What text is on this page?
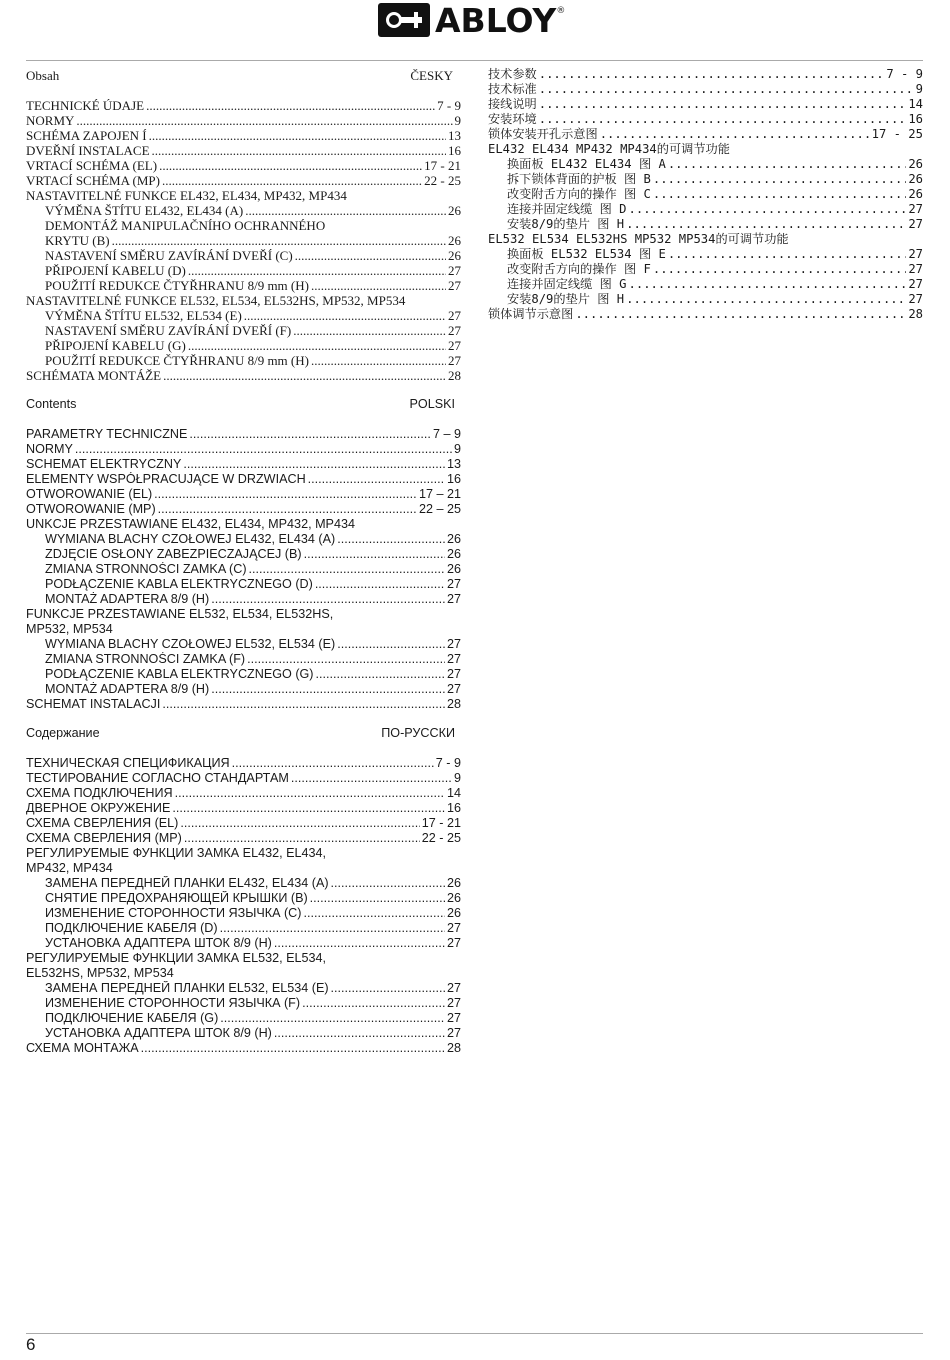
ABLOY ®
Obsah	ČESKY
TECHNICKÉ ÚDAJE .....	7 - 9
NORMY .....	9
SCHÉMA ZAPOJEN Í .....	13
DVEŘNÍ INSTALACE .....	16
VRTACÍ SCHÉMA (EL) .....	17 - 21
VRTACÍ SCHÉMA (MP) .....	22 - 25
NASTAVITELNÉ FUNKCE EL432, EL434, MP432, MP434
VÝMĚNA ŠTÍTU EL432, EL434 (A) .....	26
DEMONTÁŽ MANIPULAČNÍHO OCHRANNÉHO
KRYTU (B) .....	26
NASTAVENÍ SMĚRU ZAVÍRÁNÍ DVEŘÍ (C) .....	26
PŘIPOJENÍ KABELU (D) .....	27
POUŽITÍ REDUKCE ČTYŘHRANU 8/9 mm (H) .....	27
NASTAVITELNÉ FUNKCE EL532, EL534, EL532HS, MP532, MP534
VÝMĚNA ŠTÍTU EL532, EL534 (E) .....	27
NASTAVENÍ SMĚRU ZAVÍRÁNÍ DVEŘÍ (F) .....	27
PŘIPOJENÍ KABELU (G) .....	27
POUŽITÍ REDUKCE ČTYŘHRANU 8/9 mm (H) .....	27
SCHÉMATA MONTÁŽE .....	28
Contents	POLSKI
PARAMETRY TECHNICZNE .....	7 – 9
NORMY .....	9
SCHEMAT ELEKTRYCZNY .....	13
ELEMENTY WSPÓŁPRACUJĄCE W DRZWIACH .....	16
OTWOROWANIE (EL) .....	17 – 21
OTWOROWANIE (MP) .....	22 – 25
UNKCJE PRZESTAWIANE EL432, EL434, MP432, MP434
WYMIANA BLACHY CZOŁOWEJ EL432, EL434 (A) .....	26
ZDJĘCIE OSŁONY ZABEZPIECZAJĄCEJ (B) .....	26
ZMIANA STRONNOŚCI ZAMKA (C) .....	26
PODŁĄCZENIE KABLA ELEKTRYCZNEGO (D) .....	27
MONTAŻ ADAPTERA 8/9 (H) .....	27
FUNKCJE PRZESTAWIANE EL532, EL534, EL532HS,
MP532, MP534
WYMIANA BLACHY CZOŁOWEJ EL532, EL534 (E) .....	27
ZMIANA STRONNOŚCI ZAMKA (F) .....	27
PODŁĄCZENIE KABLA ELEKTRYCZNEGO (G) .....	27
MONTAŻ ADAPTERA 8/9 (H) .....	27
SCHEMAT INSTALACJI .....	28
Содержание	ПО-РУССКИ
ТЕХНИЧЕСКАЯ СПЕЦИФИКАЦИЯ .....	7 - 9
ТЕСТИРОВАНИЕ СОГЛАСНО СТАНДАРТАМ .....	9
СХЕМА ПОДКЛЮЧЕНИЯ .....	14
ДВЕРНОЕ ОКРУЖЕНИЕ .....	16
СХЕМА СВЕРЛЕНИЯ (EL) .....	17 - 21
СХЕМА СВЕРЛЕНИЯ (MP) .....	22 - 25
РЕГУЛИРУЕМЫЕ ФУНКЦИИ ЗАМКА EL432, EL434,
MP432, MP434
ЗАМЕНА ПЕРЕДНЕЙ ПЛАНКИ EL432, EL434 (A) .....	26
СНЯТИЕ ПРЕДОХРАНЯЮЩЕЙ КРЫШКИ (B) .....	26
ИЗМЕНЕНИЕ СТОРОННОСТИ ЯЗЫЧКА (C) .....	26
ПОДКЛЮЧЕНИЕ КАБЕЛЯ (D) .....	27
УСТАНОВКА АДАПТЕРА ШТОК 8/9 (H) .....	27
РЕГУЛИРУЕМЫЕ ФУНКЦИИ ЗАМКА EL532, EL534,
EL532HS, MP532, MP534
ЗАМЕНА ПЕРЕДНЕЙ ПЛАНКИ EL532, EL534 (E) .....	27
ИЗМЕНЕНИЕ СТОРОННОСТИ ЯЗЫЧКА (F) .....	27
ПОДКЛЮЧЕНИЕ КАБЕЛЯ (G) .....	27
УСТАНОВКА АДАПТЕРА ШТОК 8/9 (H) .....	27
СХЕМА МОНТАЖА .....	28
技术参数 .....	7 - 9
技术标准 .....	9
接线说明 .....	14
安装环境 .....	16
锁体安装开孔示意图 .....	17 - 25
EL432 EL434 MP432 MP434的可调节功能
换面板 EL432 EL434 图 A .....	26
拆下锁体背面的护板 图 B .....	26
改变附舌方向的操作 图 C .....	26
连接并固定线缆 图 D .....	27
安装8/9的垫片 图 H .....	27
EL532 EL534 EL532HS MP532 MP534的可调节功能
换面板 EL532 EL534 图 E .....	27
改变附舌方向的操作 图 F .....	27
连接并固定线缆 图 G .....	27
安装8/9的垫片 图 H .....	27
锁体调节示意图 .....	28
6
